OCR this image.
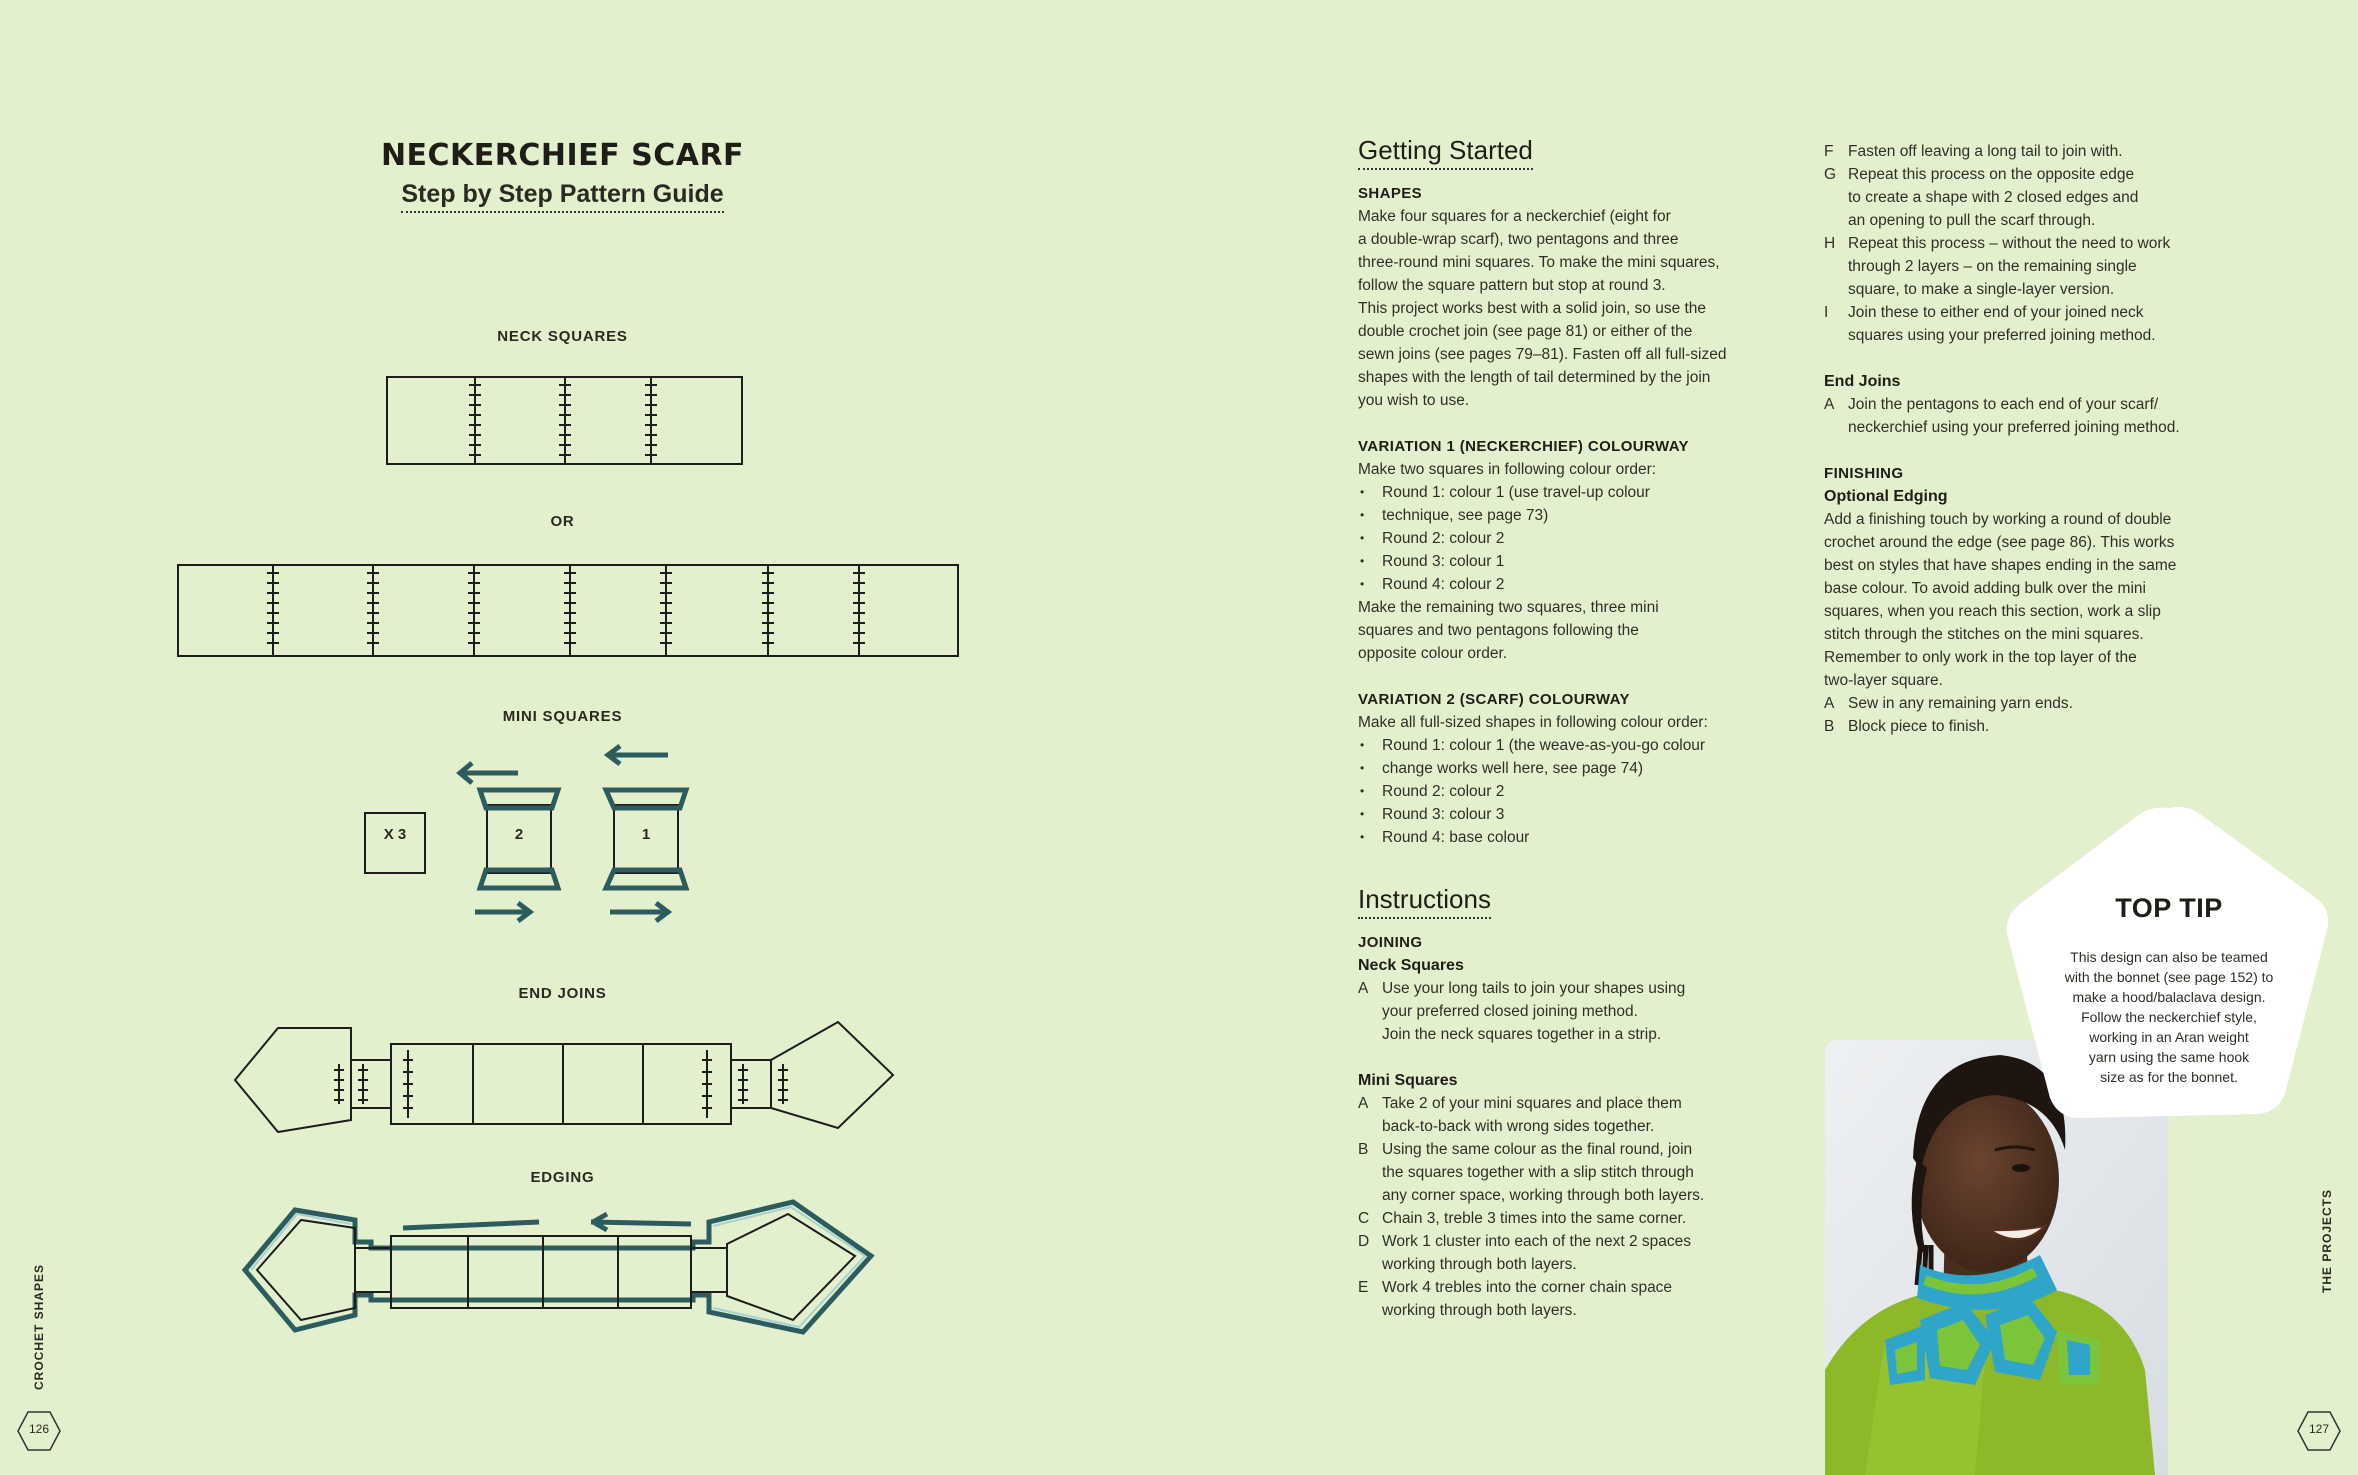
NECKERCHIEF SCARF
Step by Step Pattern Guide
NECK SQUARES
OR
MINI SQUARES
X 3	2	1
END JOINS
EDGING
CROCHET SHAPES
126
Getting Started

SHAPES

Make four squares for a neckerchief (eight for

a double-wrap scarf), two pentagons and three

three-round mini squares. To make the mini squares,

follow the square pattern but stop at round 3.

This project works best with a solid join, so use the

double crochet join (see page 81) or either of the

sewn joins (see pages 79–81). Fasten off all full-sized

shapes with the length of tail determined by the join

you wish to use.

VARIATION 1 (NECKERCHIEF) COLOURWAY

Make two squares in following colour order:

• Round 1: colour 1 (use travel-up colour
• technique, see page 73)
• Round 2: colour 2
• Round 3: colour 1
• Round 4: colour 2

Make the remaining two squares, three mini

squares and two pentagons following the

opposite colour order.

VARIATION 2 (SCARF) COLOURWAY

Make all full-sized shapes in following colour order:

• Round 1: colour 1 (the weave-as-you-go colour
• change works well here, see page 74)
• Round 2: colour 2
• Round 3: colour 3
• Round 4: base colour
Instructions

JOINING

Neck Squares

A Use your long tails to join your shapes using
your preferred closed joining method.
Join the neck squares together in a strip.

Mini Squares

A Take 2 of your mini squares and place them
back-to-back with wrong sides together.
B Using the same colour as the final round, join
the squares together with a slip stitch through
any corner space, working through both layers.
C Chain 3, treble 3 times into the same corner.
D Work 1 cluster into each of the next 2 spaces
working through both layers.
E Work 4 trebles into the corner chain space
working through both layers.
F Fasten off leaving a long tail to join with.
G Repeat this process on the opposite edge
to create a shape with 2 closed edges and
an opening to pull the scarf through.
H Repeat this process – without the need to work
through 2 layers – on the remaining single
square, to make a single-layer version.
I	Join these to either end of your joined neck
squares using your preferred joining method.

End Joins

A Join the pentagons to each end of your scarf/
neckerchief using your preferred joining method.

FINISHING

Optional Edging

Add a finishing touch by working a round of double

crochet around the edge (see page 86). This works

best on styles that have shapes ending in the same

base colour. To avoid adding bulk over the mini

squares, when you reach this section, work a slip

stitch through the stitches on the mini squares.

Remember to only work in the top layer of the

two-layer square.

A Sew in any remaining yarn ends.
B Block piece to finish.
TOP TIP
This design can also be teamed
with the bonnet (see page 152) to
make a hood/balaclava design.
Follow the neckerchief style,
working in an Aran weight
yarn using the same hook
size as for the bonnet.
THE PROJECTS
127
